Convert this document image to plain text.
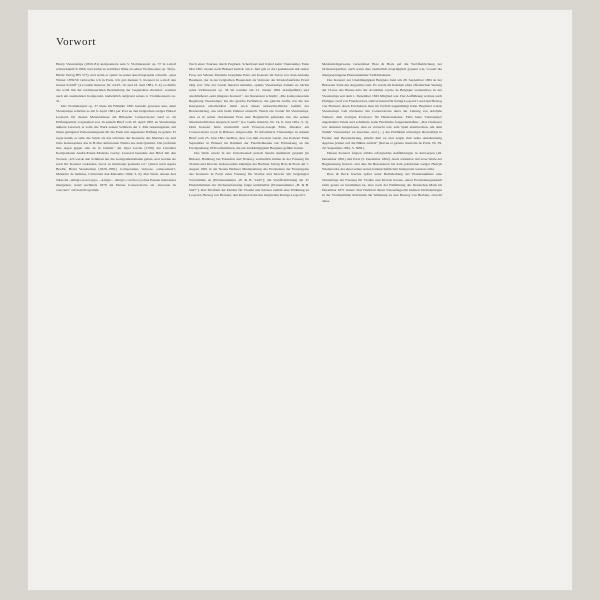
Vorwort

Henry Vieuxtemps (1820–81) komponierte sein 5. Violinkonzert op. 37 in a-moll wahrscheinlich 1860, und damit zu zeitlicher Nähe zu seiner Violinsonate op. 36 (G. Henle Verlag HN 577), und wenn er später in seiner Autobiographie schreibt, „Ден Winter 1859/59 verbrachte ich in Paris, Ich gab meinen 5. Konzert in a-moll den letzten Schliff“ (Le Guide musical, Nr. 24/25, 16. und 23. Juni 1881, S. 4), so dürfte das wohl mit der nachbessernden Bearbeitung der Gegensätze ebendort, sondern auch ein anerkannter Komponist, namentlich aufgrund seines 4. Violinkonzerts op. 31.

Das Violinkonzert op. 37 muss im Frühjahr 1861 beendet gewesen sein, denn Vieuxtemps schickte es am 9. April 1861 per Post an den belgischen Geiger Hubert Leonard, für dessen Meisterklasse am Brüsseler Conservatoire rund es als Prüfungsstück vorgesehen war. In seinem Brief vom 10. April 1861 an Vieuxtemps äußerte Léonard, er solle das Werk seinen Schülern am 1. Mai bekanntgeben, um ihnen genügend Vorbereitungszeit für die Ende Juli angesetzte Prüfung zu geben. Er sagte kaum, er sehe das Stück als das schönste der Konzerte des Meisters an, und löste insbesondere das in H-Dur auftretende Thema aus dem Quintett. Die profunde ihre eigen gegen sein de in familie“ der Oper Lucile (1769) des Linzeller Komponisten André-Ernest-Modeste Grétry. Léonard beendete den Brief mit den Worten: „Ich werde den Schülern nur die Gelegenheitsmusik geben, und werden sie noch Ihr Konzert verkaufen, bevor es überhaupt gedruckt ist.“ (zitiert nach Agnès Bradlé, Henri Vieuxtemps (1820–1881). Compositeur, virtuose, compositeur?, Mémoire de maîtrise, Université Aix-Marseille 1994, S. 9). Das Werk, dessen drei Sätze im „Allegro non troppo – Adagio – Allegro con fuoco) ohne Pausen ineinander übergehen, stand nachmals 1878 am Pariser Conservatoire als „morceau de concours“ auf dem Programm.

Nach einer Tournee durch England, Schottland und Irland kehrt Vieuxtemps Ende Mai 1861 wieder nach Brüssel zurück: am 2. Juni gab er dort gemeinsam mit seiner Frau, der Wiener Pianistin Josephine Eder, ein Konzert im Salon von Jean-Antoine Baumont, der in der belgischen Hauptstadt als Vertreter der Klavierbaufirma Erard tätig war. Wie der Guide musical mitteilte, spielte Vieuxtemps damals zu nächst seine Violinsonate op. 36 im Lenden am 21. Januar 1861 uraufgeführt) und anschließend „sein jüngstes Konzert“, der Rezensent schreibt: „Die komponierende Begabung Vieuxtemps' hat die gleiche Perfektion, die gleiche Größe wie die des Interpreten entscheidbar rüttet auch dieses unbeschreibliche Gefühl der Bewunderung, das sich beim Zuhörer einstellt. Welch ein Vorteil für Vieuxtemps, dass er in seiner charmanten Frau eine Begleiterin gefunden hat, die seinen übermenschlichen Anspruch wird!“ (Le Guide musical, Nr. 14, 6. Juni 1861, S. 2). Dem Konzert hatte vermutlich auch François-Joseph Fétis, Direktor am Conservatoire royal in Brüssel, beigewohnt. Er informierte Vieuxtemps in seinem Brief vom 25. Juni 1861 darüber, dass von ihm erwartet werde, das Konzert Ende September in Brüssel im Rahmen der Feierlichkeiten zur Erinnerung an die Fertigstellung 1830 aufzuführen, die zur Unabhängigkeit Belgiens geführt hatten.

Das Werk wurde in der Zwischenzeit jedoch bereits mehrmals gespielt (in Brüssel, Hamburg bei Frankfurt und Nantes), vermutlich immer in der Fassung für Violine und Klavier. Insbesondere kündigte der Berliner Verlag Bote & Bock am 7. August 1861 in der Neuen Berliner Musikzeitung das Erscheinen der Erstausgabe des Konzerts in Form einer Fassung für Violine und Klavier mit beigelegter Solostimme an (Plattennummer „B. & B. 5445“); die Veröffentlichung der 47 Einzelstimmen der Orchesterfassung folgte unmittelbar (Plattennummer „B. & B. 5447“). Das Titelblatt der Partitur für Violine und Klavier enthält eine Widmung an Leopold, Herzog von Brabant, den ältesten Sohn des belgischen Königs Leopold I.

Merkwürdigerweise verzeichnet Bote & Bock auf die Veröffentlichung der Orchesterpartitur, auch wenn dies vermutlich ursprünglich geplant war, worauf die übergesprungene Plattennummer 5446 hindeutet.

Das Konzert zur Unabhängigkeit Belgiens fand am 28. September 1861 in der Brüsseler Salle des Augustins statt. Es wurde im Rahmen einer öffentlichen Sitzung der Classe des Beaux-Arts der Académie royale de Belgique veranstaltet, in der Vieuxtemps seit dem 1. Dezember 1845 Mitglied war. Der Aufführung wohnte auch Philippe, Graf von Flandern bei, stellvertretend für König Leopold I. und den Herzog von Brabant, deren Erscheinen man im Vorfeld angekündigt hatte. Begleitet wurde Vieuxtemps vom Orchester des Conservatoire unter der Leitung von Adolphe Samuel, dem dortigen Professor für Harmonielehre. Fétis hatte Vieuxtemps' ungebremst Talent und schilderte seine Eindrücke folgendermaßen: „Das Orchester war demalen hingerissen, dass es versucht war, sein Spiel abzubrechen, um dem Summ' Vieuxtemps' zu lauschen, und […] das Publikum schwelgte überwältigt in Freude und Bewunderung, jubelte ihm zu und zeigte ihm seine Anerkennung Applaus (zitiert auf die Bühne zurück“ (Revue et gazette musicale de Paris, Nr. 39, 29. September 1861, S. 3081).

Diesen Konzert folgten etliche erfolgreiche Aufführungen in Antwerpen (26. Dezember 1861) und Paris (5. Dezember 1862). Auch scheinbar rief erste Welle der Begeisterung freiwar, und dies im Besonderen bei dem polnischen Geiger Henryk Wieniawski, der einer seiner ersten leidenschaftlichen Interpreten werden sollte.

Bote & Bock brachte später unter Beibehaltung der Plattennummer eine Neuauflage der Fassung für Violine und Klavier heraus, deren Erscheinungsdatum nicht genau zu bestimmen ist, aber nach der Einführung der Deutschen Mark im Dezember 1871 datiert. Das Titelblatt dieser Neuauflage mit kleinen Veränderungen in der Violinstimme übernahm die Widmung an den Herzog von Brabant, obwohl diese
